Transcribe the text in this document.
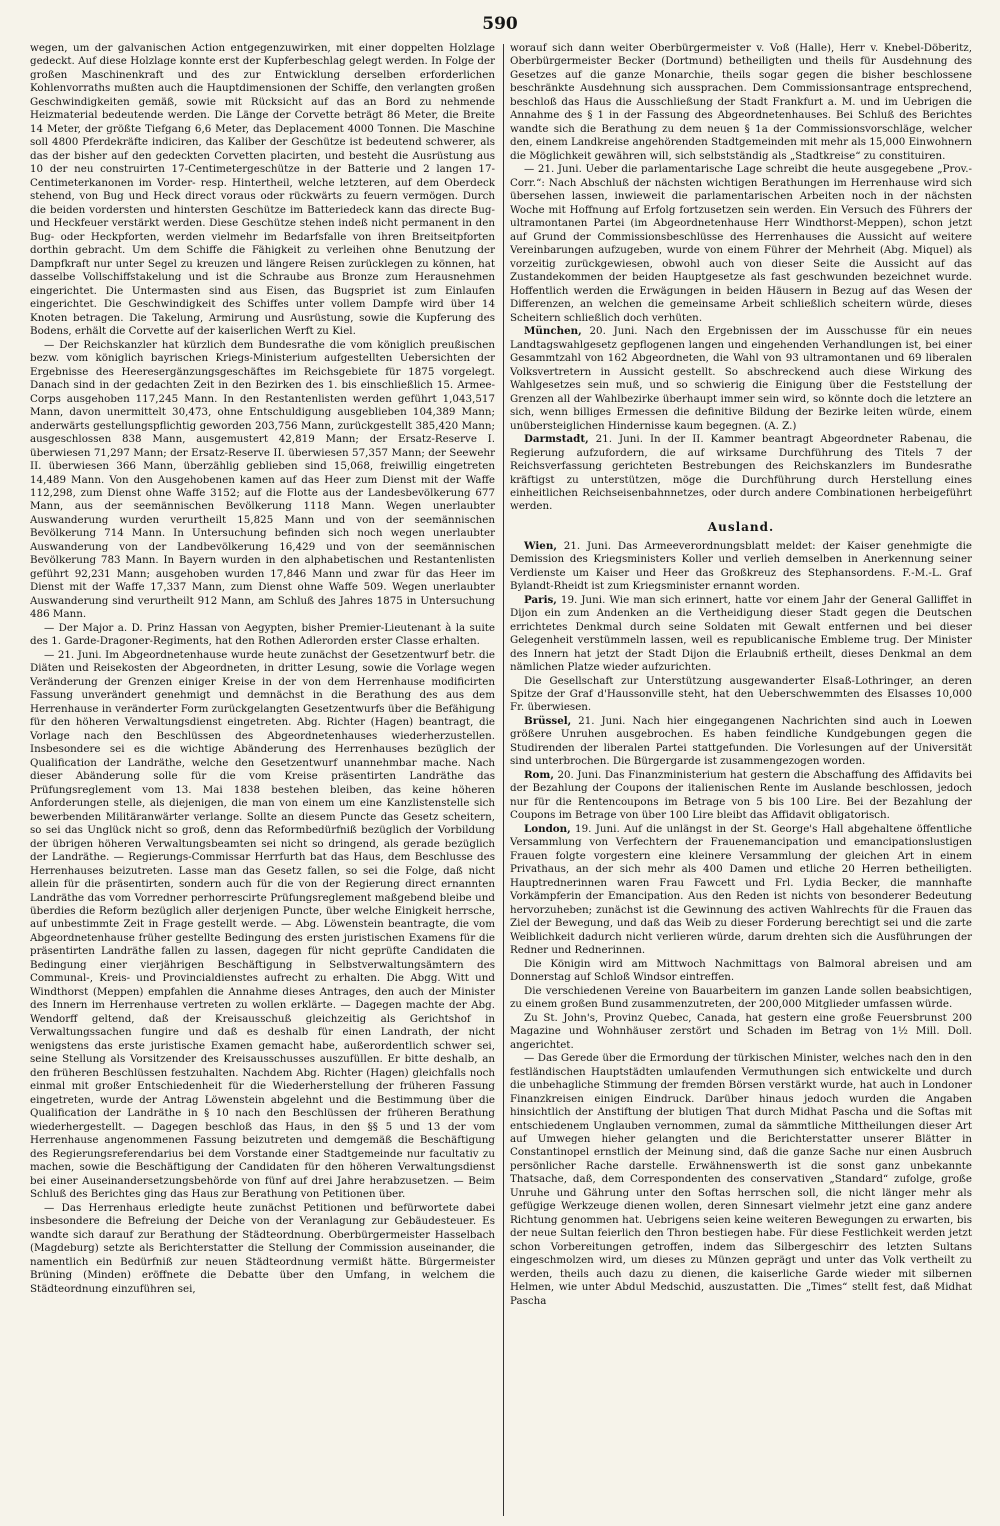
590

wegen, um der galvanischen Action entgegenzuwirken, mit einer doppelten Holzlage gedeckt. Auf diese Holzlage konnte erst der Kupferbeschlag gelegt werden. In Folge der großen Maschinenkraft und des zur Entwicklung derselben erforderlichen Kohlenvorraths mußten auch die Hauptdimensionen der Schiffe, den verlangten großen Geschwindigkeiten gemäß, sowie mit Rücksicht auf das an Bord zu nehmende Heizmaterial bedeutende werden. Die Länge der Corvette beträgt 86 Meter, die Breite 14 Meter, der größte Tiefgang 6,6 Meter, das Deplacement 4000 Tonnen. Die Maschine soll 4800 Pferdekräfte indiciren, das Kaliber der Geschütze ist bedeutend schwerer, als das der bisher auf den gedeckten Corvetten placirten, und besteht die Ausrüstung aus 10 der neu construirten 17-Centimetergeschütze in der Batterie und 2 langen 17-Centimeterkanonen im Vorder- resp. Hintertheil, welche letzteren, auf dem Oberdeck stehend, von Bug und Heck direct voraus oder rückwärts zu feuern vermögen. Durch die beiden vordersten und hintersten Geschütze im Batteriedeck kann das directe Bug- und Heckfeuer verstärkt werden. Diese Geschütze stehen indeß nicht permanent in den Bug- oder Heckpforten, werden vielmehr im Bedarfsfalle von ihren Breitseitpforten dorthin gebracht. Um dem Schiffe die Fähigkeit zu verleihen ohne Benutzung der Dampfkraft nur unter Segel zu kreuzen und längere Reisen zurücklegen zu können, hat dasselbe Vollschiffstakelung und ist die Schraube aus Bronze zum Herausnehmen eingerichtet. Die Untermasten sind aus Eisen, das Bugspriet ist zum Einlaufen eingerichtet. Die Geschwindigkeit des Schiffes unter vollem Dampfe wird über 14 Knoten betragen. Die Takelung, Armirung und Ausrüstung, sowie die Kupferung des Bodens, erhält die Corvette auf der kaiserlichen Werft zu Kiel.

— Der Reichskanzler hat kürzlich dem Bundesrathe die vom königlich preußischen bezw. vom königlich bayrischen Kriegs-Ministerium aufgestellten Uebersichten der Ergebnisse des Heeresergänzungsgeschäftes im Reichsgebiete für 1875 vorgelegt. Danach sind in der gedachten Zeit in den Bezirken des 1. bis einschließlich 15. Armee-Corps ausgehoben 117,245 Mann. In den Restantenlisten werden geführt 1,043,517 Mann, davon unermittelt 30,473, ohne Entschuldigung ausgeblieben 104,389 Mann; anderwärts gestellungspflichtig geworden 203,756 Mann, zurückgestellt 385,420 Mann; ausgeschlossen 838 Mann, ausgemustert 42,819 Mann; der Ersatz-Reserve I. überwiesen 71,297 Mann; der Ersatz-Reserve II. überwiesen 57,357 Mann; der Seewehr II. überwiesen 366 Mann, überzählig geblieben sind 15,068, freiwillig eingetreten 14,489 Mann. Von den Ausgehobenen kamen auf das Heer zum Dienst mit der Waffe 112,298, zum Dienst ohne Waffe 3152; auf die Flotte aus der Landesbevölkerung 677 Mann, aus der seemännischen Bevölkerung 1118 Mann. Wegen unerlaubter Auswanderung wurden verurtheilt 15,825 Mann und von der seemännischen Bevölkerung 714 Mann. In Untersuchung befinden sich noch wegen unerlaubter Auswanderung von der Landbevölkerung 16,429 und von der seemännischen Bevölkerung 783 Mann. In Bayern wurden in den alphabetischen und Restantenlisten geführt 92,231 Mann; ausgehoben wurden 17,846 Mann und zwar für das Heer im Dienst mit der Waffe 17,337 Mann, zum Dienst ohne Waffe 509. Wegen unerlaubter Auswanderung sind verurtheilt 912 Mann, am Schluß des Jahres 1875 in Untersuchung 486 Mann.

— Der Major a. D. Prinz Hassan von Aegypten, bisher Premier-Lieutenant à la suite des 1. Garde-Dragoner-Regiments, hat den Rothen Adlerorden erster Classe erhalten.

— 21. Juni. Im Abgeordnetenhause wurde heute zunächst der Gesetzentwurf betr. die Diäten und Reisekosten der Abgeordneten, in dritter Lesung, sowie die Vorlage wegen Veränderung der Grenzen einiger Kreise in der von dem Herrenhause modificirten Fassung unverändert genehmigt und demnächst in die Berathung des aus dem Herrenhause in veränderter Form zurückgelangten Gesetzentwurfs über die Befähigung für den höheren Verwaltungsdienst eingetreten. Abg. Richter (Hagen) beantragt, die Vorlage nach den Beschlüssen des Abgeordnetenhauses wiederherzustellen. Insbesondere sei es die wichtige Abänderung des Herrenhauses bezüglich der Qualification der Landräthe, welche den Gesetzentwurf unannehmbar mache. Nach dieser Abänderung solle für die vom Kreise präsentirten Landräthe das Prüfungsreglement vom 13. Mai 1838 bestehen bleiben, das keine höheren Anforderungen stelle, als diejenigen, die man von einem um eine Kanzlistenstelle sich bewerbenden Militäranwärter verlange. Sollte an diesem Puncte das Gesetz scheitern, so sei das Unglück nicht so groß, denn das Reformbedürfniß bezüglich der Vorbildung der übrigen höheren Verwaltungsbeamten sei nicht so dringend, als gerade bezüglich der Landräthe. — Regierungs-Commissar Herrfurth bat das Haus, dem Beschlusse des Herrenhauses beizutreten. Lasse man das Gesetz fallen, so sei die Folge, daß nicht allein für die präsentirten, sondern auch für die von der Regierung direct ernannten Landräthe das vom Vorredner perhorrescirte Prüfungsreglement maßgebend bleibe und überdies die Reform bezüglich aller derjenigen Puncte, über welche Einigkeit herrsche, auf unbestimmte Zeit in Frage gestellt werde. — Abg. Löwenstein beantragte, die vom Abgeordnetenhause früher gestellte Bedingung des ersten juristischen Examens für die präsentirten Landräthe fallen zu lassen, dagegen für nicht geprüfte Candidaten die Bedingung einer vierjährigen Beschäftigung in Selbstverwaltungsämtern des Communal-, Kreis- und Provincialdienstes aufrecht zu erhalten. Die Abgg. Witt und Windthorst (Meppen) empfahlen die Annahme dieses Antrages, den auch der Minister des Innern im Herrenhause vertreten zu wollen erklärte. — Dagegen machte der Abg. Wendorff geltend, daß der Kreisausschuß gleichzeitig als Gerichtshof in Verwaltungssachen fungire und daß es deshalb für einen Landrath, der nicht wenigstens das erste juristische Examen gemacht habe, außerordentlich schwer sei, seine Stellung als Vorsitzender des Kreisausschusses auszufüllen. Er bitte deshalb, an den früheren Beschlüssen festzuhalten. Nachdem Abg. Richter (Hagen) gleichfalls noch einmal mit großer Entschiedenheit für die Wiederherstellung der früheren Fassung eingetreten, wurde der Antrag Löwenstein abgelehnt und die Bestimmung über die Qualification der Landräthe in § 10 nach den Beschlüssen der früheren Berathung wiederhergestellt. — Dagegen beschloß das Haus, in den §§ 5 und 13 der vom Herrenhause angenommenen Fassung beizutreten und demgemäß die Beschäftigung des Regierungsreferendarius bei dem Vorstande einer Stadtgemeinde nur facultativ zu machen, sowie die Beschäftigung der Candidaten für den höheren Verwaltungsdienst bei einer Auseinandersetzungsbehörde von fünf auf drei Jahre herabzusetzen. — Beim Schluß des Berichtes ging das Haus zur Berathung von Petitionen über.

— Das Herrenhaus erledigte heute zunächst Petitionen und befürwortete dabei insbesondere die Befreiung der Deiche von der Veranlagung zur Gebäudesteuer. Es wandte sich darauf zur Berathung der Städteordnung. Oberbürgermeister Hasselbach (Magdeburg) setzte als Berichterstatter die Stellung der Commission auseinander, die namentlich ein Bedürfniß zur neuen Städteordnung vermißt hätte. Bürgermeister Brüning (Minden) eröffnete die Debatte über den Umfang, in welchem die Städteordnung einzuführen sei,

worauf sich dann weiter Oberbürgermeister v. Voß (Halle), Herr v. Knebel-Döberitz, Oberbürgermeister Becker (Dortmund) betheiligten und theils für Ausdehnung des Gesetzes auf die ganze Monarchie, theils sogar gegen die bisher beschlossene beschränkte Ausdehnung sich aussprachen. Dem Commissionsantrage entsprechend, beschloß das Haus die Ausschließung der Stadt Frankfurt a. M. und im Uebrigen die Annahme des § 1 in der Fassung des Abgeordnetenhauses. Bei Schluß des Berichtes wandte sich die Berathung zu dem neuen § 1a der Commissionsvorschläge, welcher den, einem Landkreise angehörenden Stadtgemeinden mit mehr als 15,000 Einwohnern die Möglichkeit gewähren will, sich selbstständig als „Stadtkreise“ zu constituiren.

— 21. Juni. Ueber die parlamentarische Lage schreibt die heute ausgegebene „Prov.-Corr.“: Nach Abschluß der nächsten wichtigen Berathungen im Herrenhause wird sich übersehen lassen, inwieweit die parlamentarischen Arbeiten noch in der nächsten Woche mit Hoffnung auf Erfolg fortzusetzen sein werden. Ein Versuch des Führers der ultramontanen Partei (im Abgeordnetenhause Herr Windthorst-Meppen), schon jetzt auf Grund der Commissionsbeschlüsse des Herrenhauses die Aussicht auf weitere Vereinbarungen aufzugeben, wurde von einem Führer der Mehrheit (Abg. Miquel) als vorzeitig zurückgewiesen, obwohl auch von dieser Seite die Aussicht auf das Zustandekommen der beiden Hauptgesetze als fast geschwunden bezeichnet wurde. Hoffentlich werden die Erwägungen in beiden Häusern in Bezug auf das Wesen der Differenzen, an welchen die gemeinsame Arbeit schließlich scheitern würde, dieses Scheitern schließlich doch verhüten.

München, 20. Juni. Nach den Ergebnissen der im Ausschusse für ein neues Landtagswahlgesetz gepflogenen langen und eingehenden Verhandlungen ist, bei einer Gesammtzahl von 162 Abgeordneten, die Wahl von 93 ultramontanen und 69 liberalen Volksvertretern in Aussicht gestellt. So abschreckend auch diese Wirkung des Wahlgesetzes sein muß, und so schwierig die Einigung über die Feststellung der Grenzen all der Wahlbezirke überhaupt immer sein wird, so könnte doch die letztere an sich, wenn billiges Ermessen die definitive Bildung der Bezirke leiten würde, einem unübersteiglichen Hindernisse kaum begegnen. (A. Z.)

Darmstadt, 21. Juni. In der II. Kammer beantragt Abgeordneter Rabenau, die Regierung aufzufordern, die auf wirksame Durchführung des Titels 7 der Reichsverfassung gerichteten Bestrebungen des Reichskanzlers im Bundesrathe kräftigst zu unterstützen, möge die Durchführung durch Herstellung eines einheitlichen Reichseisenbahnnetzes, oder durch andere Combinationen herbeigeführt werden.

Ausland.

Wien, 21. Juni. Das Armeeverordnungsblatt meldet: der Kaiser genehmigte die Demission des Kriegsministers Koller und verlieh demselben in Anerkennung seiner Verdienste um Kaiser und Heer das Großkreuz des Stephansordens. F.-M.-L. Graf Bylandt-Rheidt ist zum Kriegsminister ernannt worden.

Paris, 19. Juni. Wie man sich erinnert, hatte vor einem Jahr der General Galliffet in Dijon ein zum Andenken an die Vertheidigung dieser Stadt gegen die Deutschen errichtetes Denkmal durch seine Soldaten mit Gewalt entfernen und bei dieser Gelegenheit verstümmeln lassen, weil es republicanische Embleme trug. Der Minister des Innern hat jetzt der Stadt Dijon die Erlaubniß ertheilt, dieses Denkmal an dem nämlichen Platze wieder aufzurichten.

Die Gesellschaft zur Unterstützung ausgewanderter Elsaß-Lothringer, an deren Spitze der Graf d'Haussonville steht, hat den Ueberschwemmten des Elsasses 10,000 Fr. überwiesen.

Brüssel, 21. Juni. Nach hier eingegangenen Nachrichten sind auch in Loewen größere Unruhen ausgebrochen. Es haben feindliche Kundgebungen gegen die Studirenden der liberalen Partei stattgefunden. Die Vorlesungen auf der Universität sind unterbrochen. Die Bürgergarde ist zusammengezogen worden.

Rom, 20. Juni. Das Finanzministerium hat gestern die Abschaffung des Affidavits bei der Bezahlung der Coupons der italienischen Rente im Auslande beschlossen, jedoch nur für die Rentencoupons im Betrage von 5 bis 100 Lire. Bei der Bezahlung der Coupons im Betrage von über 100 Lire bleibt das Affidavit obligatorisch.

London, 19. Juni. Auf die unlängst in der St. George's Hall abgehaltene öffentliche Versammlung von Verfechtern der Frauenemancipation und emancipationslustigen Frauen folgte vorgestern eine kleinere Versammlung der gleichen Art in einem Privathaus, an der sich mehr als 400 Damen und etliche 20 Herren betheiligten. Hauptrednerinnen waren Frau Fawcett und Frl. Lydia Becker, die mannhafte Vorkämpferin der Emancipation. Aus den Reden ist nichts von besonderer Bedeutung hervorzuheben; zunächst ist die Gewinnung des activen Wahlrechts für die Frauen das Ziel der Bewegung, und daß das Weib zu dieser Forderung berechtigt sei und die zarte Weiblichkeit dadurch nicht verlieren würde, darum drehten sich die Ausführungen der Redner und Rednerinnen.

Die Königin wird am Mittwoch Nachmittags von Balmoral abreisen und am Donnerstag auf Schloß Windsor eintreffen.

Die verschiedenen Vereine von Bauarbeitern im ganzen Lande sollen beabsichtigen, zu einem großen Bund zusammenzutreten, der 200,000 Mitglieder umfassen würde.

Zu St. John's, Provinz Quebec, Canada, hat gestern eine große Feuersbrunst 200 Magazine und Wohnhäuser zerstört und Schaden im Betrag von 1½ Mill. Doll. angerichtet.

— Das Gerede über die Ermordung der türkischen Minister, welches nach den in den festländischen Hauptstädten umlaufenden Vermuthungen sich entwickelte und durch die unbehagliche Stimmung der fremden Börsen verstärkt wurde, hat auch in Londoner Finanzkreisen einigen Eindruck. Darüber hinaus jedoch wurden die Angaben hinsichtlich der Anstiftung der blutigen That durch Midhat Pascha und die Softas mit entschiedenem Unglauben vernommen, zumal da sämmtliche Mittheilungen dieser Art auf Umwegen hieher gelangten und die Berichterstatter unserer Blätter in Constantinopel ernstlich der Meinung sind, daß die ganze Sache nur einen Ausbruch persönlicher Rache darstelle. Erwähnenswerth ist die sonst ganz unbekannte Thatsache, daß, dem Correspondenten des conservativen „Standard“ zufolge, große Unruhe und Gährung unter den Softas herrschen soll, die nicht länger mehr als gefügige Werkzeuge dienen wollen, deren Sinnesart vielmehr jetzt eine ganz andere Richtung genommen hat. Uebrigens seien keine weiteren Bewegungen zu erwarten, bis der neue Sultan feierlich den Thron bestiegen habe. Für diese Festlichkeit werden jetzt schon Vorbereitungen getroffen, indem das Silbergeschirr des letzten Sultans eingeschmolzen wird, um dieses zu Münzen geprägt und unter das Volk vertheilt zu werden, theils auch dazu zu dienen, die kaiserliche Garde wieder mit silbernen Helmen, wie unter Abdul Medschid, auszustatten. Die „Times“ stellt fest, daß Midhat Pascha
